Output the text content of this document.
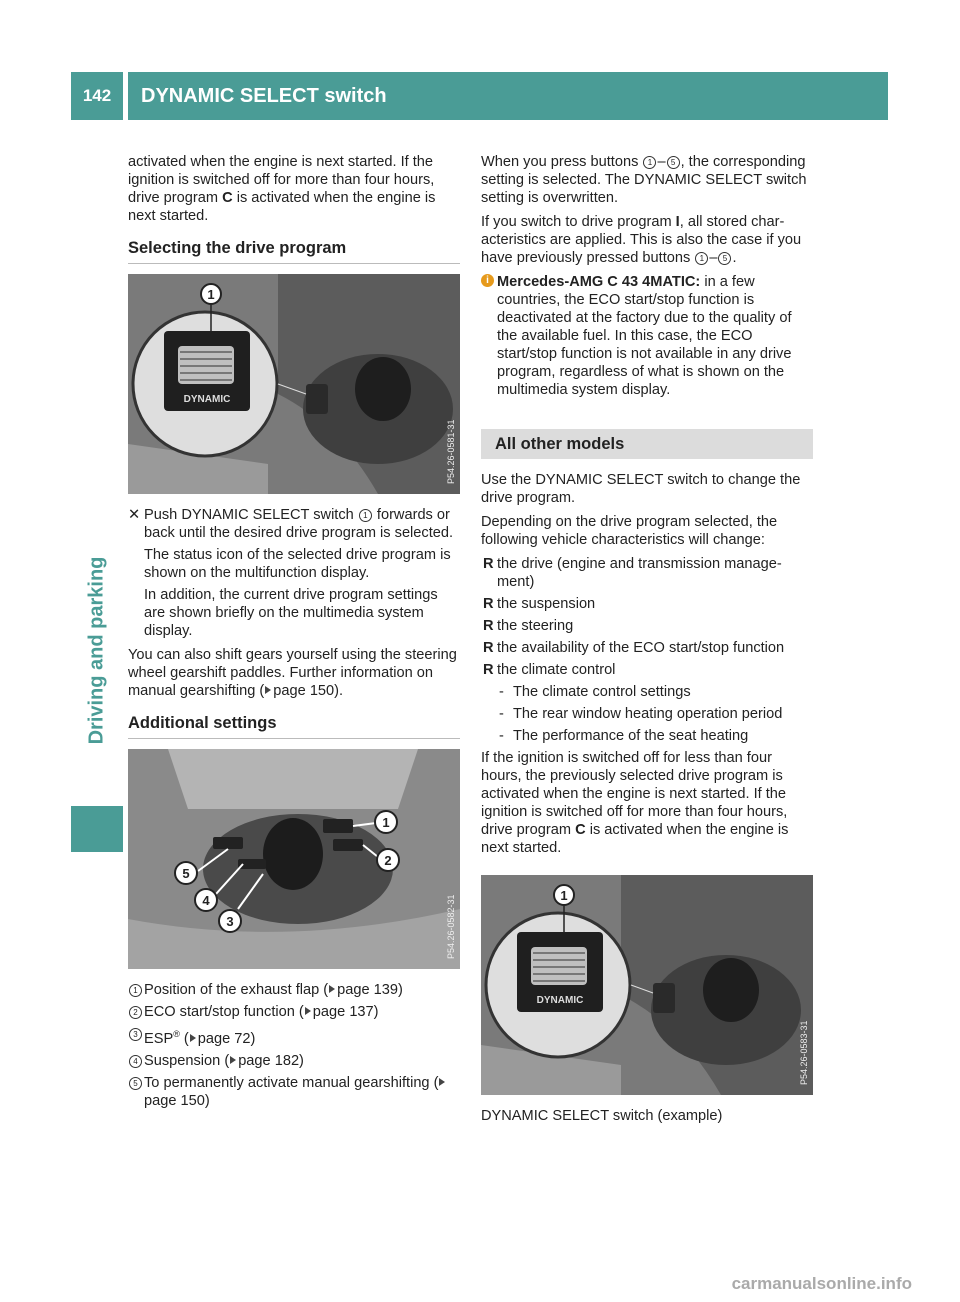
142	DYNAMIC SELECT switch
Driving and parking

activated when the engine is next started. If the ignition is switched off for more than four hours, drive program C is activated when the engine is next started.

Selecting the drive program
DYNAMIC
1
P54.26-0581-31
✕ Push DYNAMIC SELECT switch 1 forwards or back until the desired drive program is selected.

The status icon of the selected drive program is shown on the multifunction display.

In addition, the current drive program settings are shown briefly on the multimedia system display.

You can also shift gears yourself using the steering wheel gearshift paddles. Further information on manual gearshifting ( page 150).

Additional settings
1
2
3
4
5
P54.26-0582-31
1 Position of the exhaust flap ( page 139)
2 ECO start/stop function ( page 137)
3 ESP® ( page 72)
4 Suspension ( page 182)
5 To permanently activate manual gearshifting (page 150)

When you press buttons 1 – 5 , the corresponding setting is selected. The DYNAMIC SELECT switch setting is overwritten.

If you switch to drive program I, all stored characteristics are applied. This is also the case if you have previously pressed buttons 1 – 5 .

i Mercedes-AMG C 43 4MATIC: in a few countries, the ECO start/stop function is deactivated at the factory due to the quality of the available fuel. In this case, the ECO start/stop function is not available in any drive program, regardless of what is shown on the multimedia system display.
All other models

Use the DYNAMIC SELECT switch to change the drive program.

Depending on the drive program selected, the following vehicle characteristics will change:

R the drive (engine and transmission management)
R the suspension
R the steering
R the availability of the ECO start/stop function
R the climate control
- The climate control settings
- The rear window heating operation period
- The performance of the seat heating

If the ignition is switched off for less than four hours, the previously selected drive program is activated when the engine is next started. If the ignition is switched off for more than four hours, drive program C is activated when the engine is next started.

DYNAMIC
1
P54.26-0583-31
DYNAMIC SELECT switch (example)
carmanualsonline.info
